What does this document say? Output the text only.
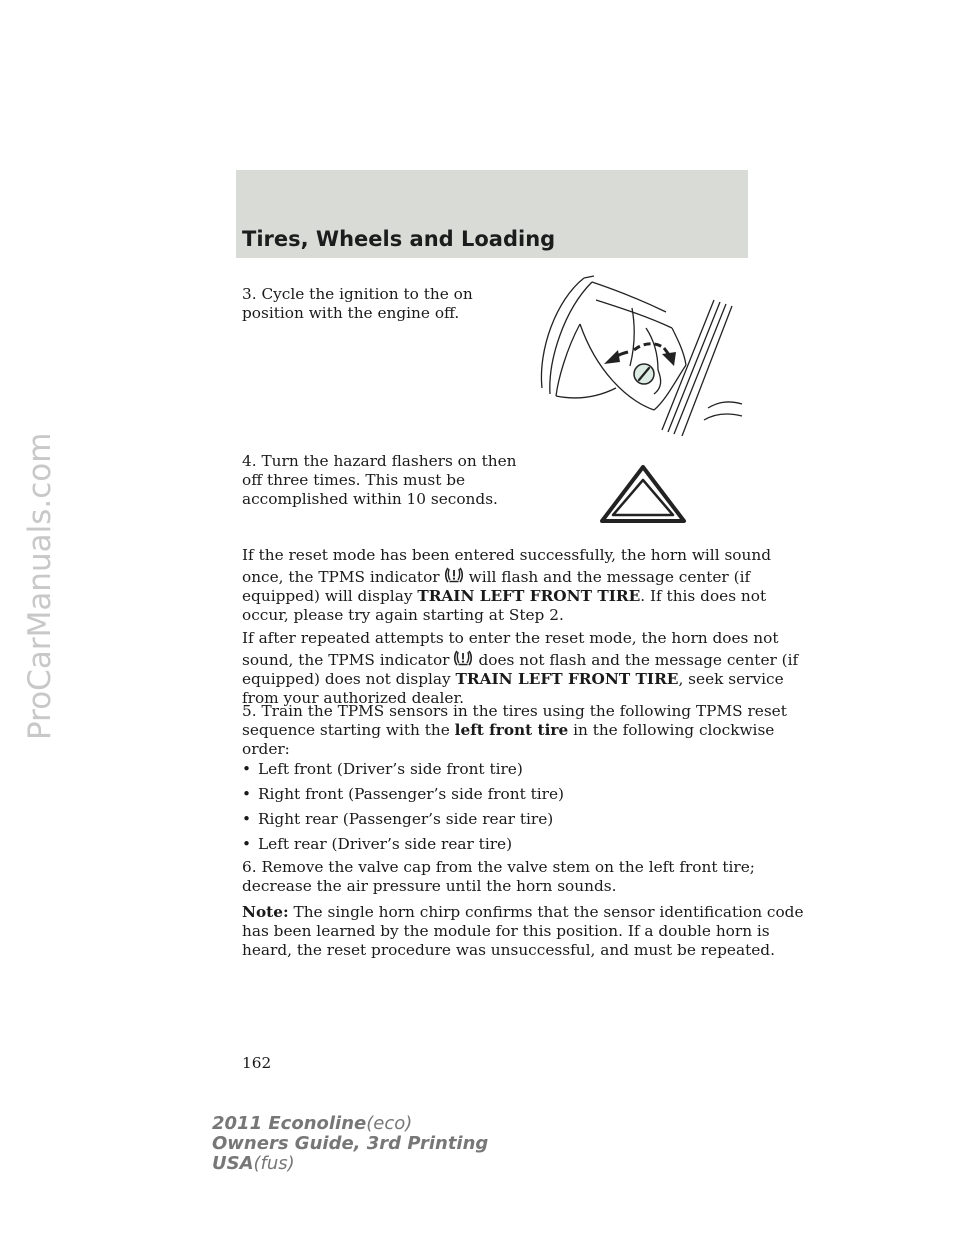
ProCarManuals.com
Tires, Wheels and Loading
3. Cycle the ignition to the on
position with the engine off.
4. Turn the hazard flashers on then
off three times. This must be
accomplished within 10 seconds.
If the reset mode has been entered successfully, the horn will sound
once, the TPMS indicator will flash and the message center (if
equipped) will display TRAIN LEFT FRONT TIRE. If this does not
occur, please try again starting at Step 2.
If after repeated attempts to enter the reset mode, the horn does not
sound, the TPMS indicator does not flash and the message center (if
equipped) does not display TRAIN LEFT FRONT TIRE, seek service
from your authorized dealer.
5. Train the TPMS sensors in the tires using the following TPMS reset
sequence starting with the left front tire in the following clockwise
order:
• Left front (Driver’s side front tire)
• Right front (Passenger’s side front tire)
• Right rear (Passenger’s side rear tire)
• Left rear (Driver’s side rear tire)
6. Remove the valve cap from the valve stem on the left front tire;
decrease the air pressure until the horn sounds.
Note: The single horn chirp confirms that the sensor identification code
has been learned by the module for this position. If a double horn is
heard, the reset procedure was unsuccessful, and must be repeated.
162
2011 Econoline(eco)
Owners Guide, 3rd Printing
USA(fus)
